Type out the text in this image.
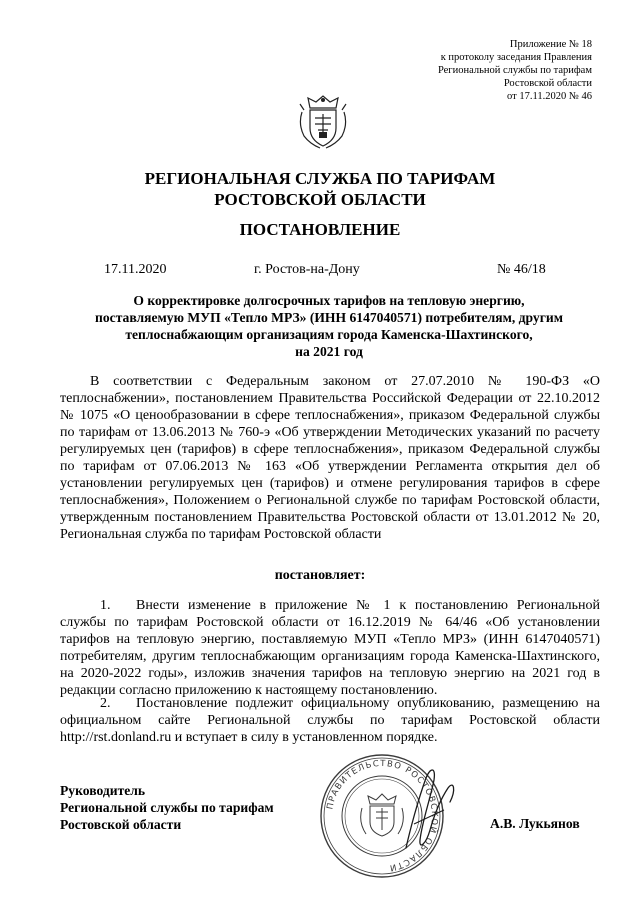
Приложение № 18
к протоколу заседания Правления
Региональной службы по тарифам
Ростовской области
от 17.11.2020 № 46
РЕГИОНАЛЬНАЯ СЛУЖБА ПО ТАРИФАМ
РОСТОВСКОЙ ОБЛАСТИ
ПОСТАНОВЛЕНИЕ
17.11.2020	г. Ростов-на-Дону	№ 46/18
О корректировке долгосрочных тарифов на тепловую энергию,
поставляемую МУП «Тепло МРЗ» (ИНН 6147040571) потребителям, другим
теплоснабжающим организациям города Каменска-Шахтинского,
на 2021 год
В соответствии с Федеральным законом от 27.07.2010 № 190-ФЗ «О теплоснабжении», постановлением Правительства Российской Федерации от 22.10.2012 № 1075 «О ценообразовании в сфере теплоснабжения», приказом Федеральной службы по тарифам от 13.06.2013 № 760-э «Об утверждении Методических указаний по расчету регулируемых цен (тарифов) в сфере теплоснабжения», приказом Федеральной службы по тарифам от 07.06.2013 № 163 «Об утверждении Регламента открытия дел об установлении регулируемых цен (тарифов) и отмене регулирования тарифов в сфере теплоснабжения», Положением о Региональной службе по тарифам Ростовской области, утвержденным постановлением Правительства Ростовской области от 13.01.2012 № 20, Региональная служба по тарифам Ростовской области
постановляет:
1. Внести изменение в приложение № 1 к постановлению Региональной службы по тарифам Ростовской области от 16.12.2019 № 64/46 «Об установлении тарифов на тепловую энергию, поставляемую МУП «Тепло МРЗ» (ИНН 6147040571) потребителям, другим теплоснабжающим организациям города Каменска-Шахтинского, на 2020-2022 годы», изложив значения тарифов на тепловую энергию на 2021 год в редакции согласно приложению к настоящему постановлению.
2. Постановление подлежит официальному опубликованию, размещению на официальном сайте Региональной службы по тарифам Ростовской области http://rst.donland.ru и вступает в силу в установленном порядке.
Руководитель
Региональной службы по тарифам
Ростовской области
ПРАВИТЕЛЬСТВО РОСТОВСКОЙ ОБЛАСТИ
А.В. Лукьянов
